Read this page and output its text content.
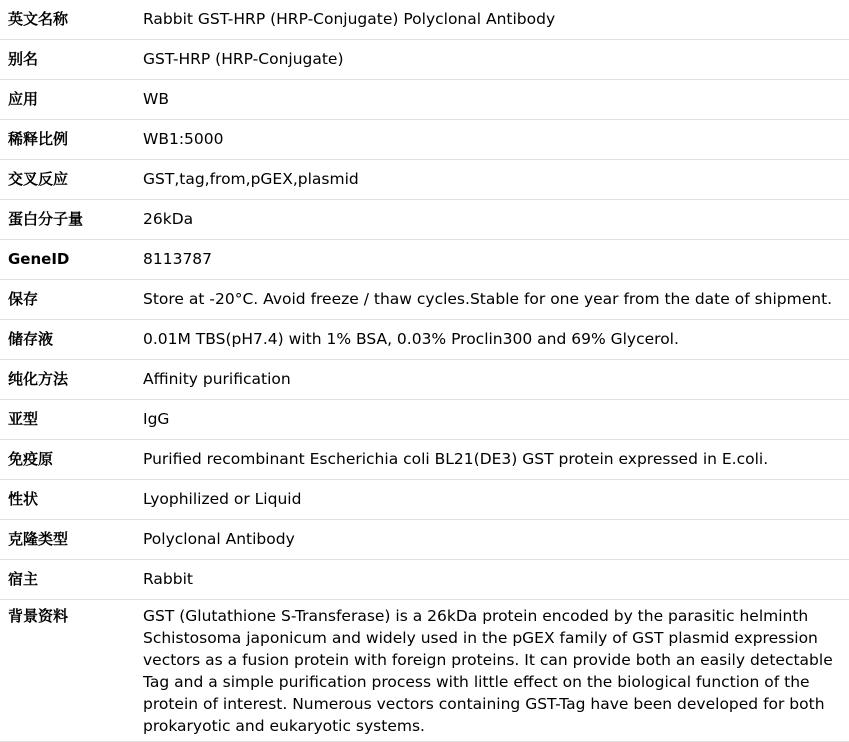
英文名称	Rabbit GST-HRP (HRP-Conjugate) Polyclonal Antibody
别名	GST-HRP (HRP-Conjugate)
应用	WB
稀释比例	WB1:5000
交叉反应	GST,tag,from,pGEX,plasmid
蛋白分子量	26kDa
GeneID	8113787
保存	Store at -20°C. Avoid freeze / thaw cycles.Stable for one year from the date of shipment.
储存液	0.01M TBS(pH7.4) with 1% BSA, 0.03% Proclin300 and 69% Glycerol.
纯化方法	Affinity purification
亚型	IgG
免疫原	Purified recombinant Escherichia coli BL21(DE3) GST protein expressed in E.coli.
性状	Lyophilized or Liquid
克隆类型	Polyclonal Antibody
宿主	Rabbit
背景资料	GST (Glutathione S-Transferase) is a 26kDa protein encoded by the parasitic helminth Schistosoma japonicum and widely used in the pGEX family of GST plasmid expression vectors as a fusion protein with foreign proteins. It can provide both an easily detectable Tag and a simple purification process with little effect on the biological function of the protein of interest. Numerous vectors containing GST-Tag have been developed for both prokaryotic and eukaryotic systems.
